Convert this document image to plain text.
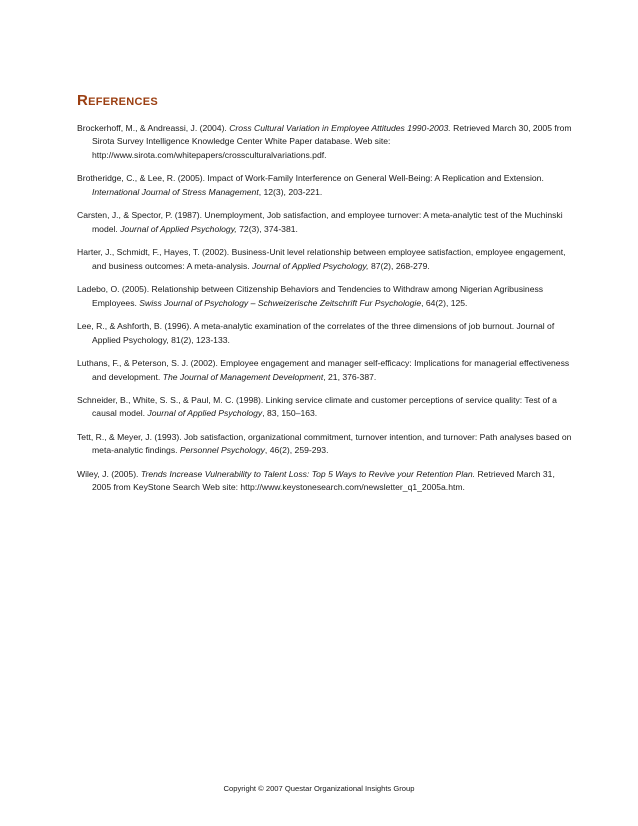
References
Brockerhoff, M., & Andreassi, J. (2004). Cross Cultural Variation in Employee Attitudes 1990-2003. Retrieved March 30, 2005 from Sirota Survey Intelligence Knowledge Center White Paper database. Web site: http://www.sirota.com/whitepapers/crossculturalvariations.pdf.
Brotheridge, C., & Lee, R. (2005). Impact of Work-Family Interference on General Well-Being: A Replication and Extension. International Journal of Stress Management, 12(3), 203-221.
Carsten, J., & Spector, P. (1987). Unemployment, Job satisfaction, and employee turnover: A meta-analytic test of the Muchinski model. Journal of Applied Psychology, 72(3), 374-381.
Harter, J., Schmidt, F., Hayes, T. (2002). Business-Unit level relationship between employee satisfaction, employee engagement, and business outcomes: A meta-analysis. Journal of Applied Psychology, 87(2), 268-279.
Ladebo, O. (2005). Relationship between Citizenship Behaviors and Tendencies to Withdraw among Nigerian Agribusiness Employees. Swiss Journal of Psychology – Schweizerische Zeitschrift Fur Psychologie, 64(2), 125.
Lee, R., & Ashforth, B. (1996). A meta-analytic examination of the correlates of the three dimensions of job burnout. Journal of Applied Psychology, 81(2), 123-133.
Luthans, F., & Peterson, S. J. (2002). Employee engagement and manager self-efficacy: Implications for managerial effectiveness and development. The Journal of Management Development, 21, 376-387.
Schneider, B., White, S. S., & Paul, M. C. (1998). Linking service climate and customer perceptions of service quality: Test of a causal model. Journal of Applied Psychology, 83, 150–163.
Tett, R., & Meyer, J. (1993). Job satisfaction, organizational commitment, turnover intention, and turnover: Path analyses based on meta-analytic findings. Personnel Psychology, 46(2), 259-293.
Wiley, J. (2005). Trends Increase Vulnerability to Talent Loss: Top 5 Ways to Revive your Retention Plan. Retrieved March 31, 2005 from KeyStone Search Web site: http://www.keystonesearch.com/newsletter_q1_2005a.htm.
Copyright © 2007 Questar Organizational Insights Group
